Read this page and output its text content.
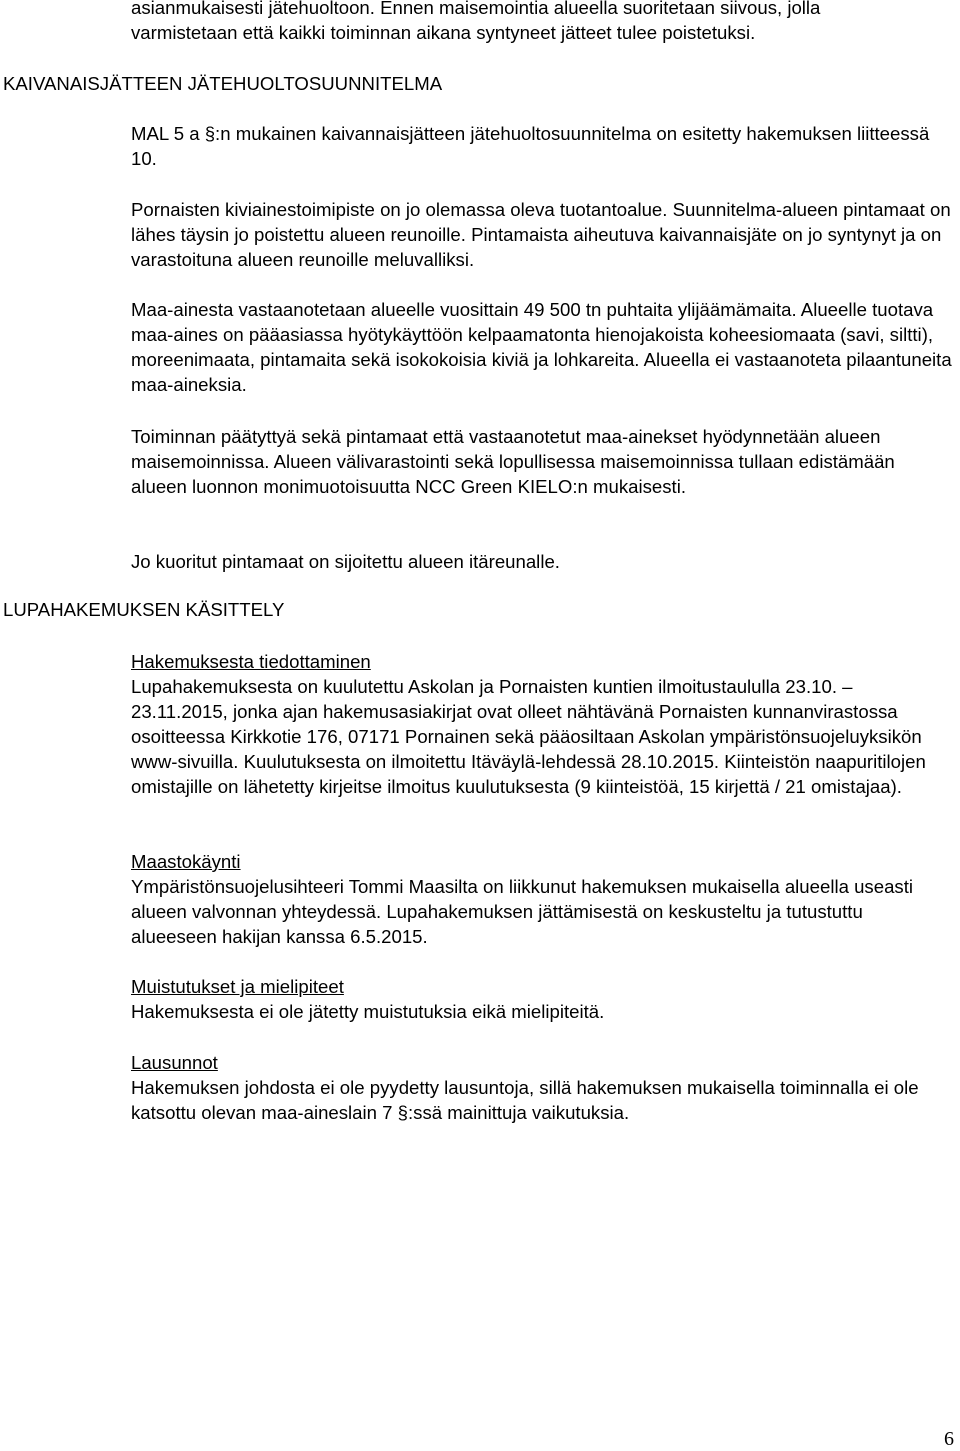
asianmukaisesti jätehuoltoon. Ennen maisemointia alueella suoritetaan siivous, jolla

varmistetaan että kaikki toiminnan aikana syntyneet jätteet tulee poistetuksi.

KAIVANAISJÄTTEEN JÄTEHUOLTOSUUNNITELMA

MAL 5 a §:n mukainen kaivannaisjätteen jätehuoltosuunnitelma on esitetty hakemuksen liitteessä 10.

Pornaisten kiviainestoimipiste on jo olemassa oleva tuotantoalue. Suunnitelma-alueen pintamaat on lähes täysin jo poistettu alueen reunoille. Pintamaista aiheutuva kaivannaisjäte on jo syntynyt ja on varastoituna alueen reunoille meluvalliksi.

Maa-ainesta vastaanotetaan alueelle vuosittain 49 500 tn puhtaita ylijäämämaita. Alueelle tuotava maa-aines on pääasiassa hyötykäyttöön kelpaamatonta hienojakoista koheesiomaata (savi, siltti), moreenimaata, pintamaita sekä isokokoisia kiviä ja lohkareita. Alueella ei vastaanoteta pilaantuneita maa-aineksia.

Toiminnan päätyttyä sekä pintamaat että vastaanotetut maa-ainekset hyödynnetään alueen maisemoinnissa. Alueen välivarastointi sekä lopullisessa maisemoinnissa tullaan edistämään alueen luonnon monimuotoisuutta NCC Green KIELO:n mukaisesti.

Jo kuoritut pintamaat on sijoitettu alueen itäreunalle.

LUPAHAKEMUKSEN KÄSITTELY
Hakemuksesta tiedottaminen

Lupahakemuksesta on kuulutettu Askolan ja Pornaisten kuntien ilmoitustaululla 23.10. – 23.11.2015, jonka ajan hakemusasiakirjat ovat olleet nähtävänä Pornaisten kunnanvirastossa osoitteessa Kirkkotie 176, 07171 Pornainen sekä pääosiltaan Askolan ympäristönsuojeluyksikön www-sivuilla. Kuulutuksesta on ilmoitettu Itäväylä-lehdessä 28.10.2015. Kiinteistön naapuritilojen omistajille on lähetetty kirjeitse ilmoitus kuulutuksesta (9 kiinteistöä, 15 kirjettä / 21 omistajaa).

Maastokäynti

Ympäristönsuojelusihteeri Tommi Maasilta on liikkunut hakemuksen mukaisella alueella useasti alueen valvonnan yhteydessä. Lupahakemuksen jättämisestä on keskusteltu ja tutustuttu alueeseen hakijan kanssa 6.5.2015.

Muistutukset ja mielipiteet

Hakemuksesta ei ole jätetty muistutuksia eikä mielipiteitä.

Lausunnot

Hakemuksen johdosta ei ole pyydetty lausuntoja, sillä hakemuksen mukaisella toiminnalla ei ole katsottu olevan maa-aineslain 7 §:ssä mainittuja vaikutuksia.

6
